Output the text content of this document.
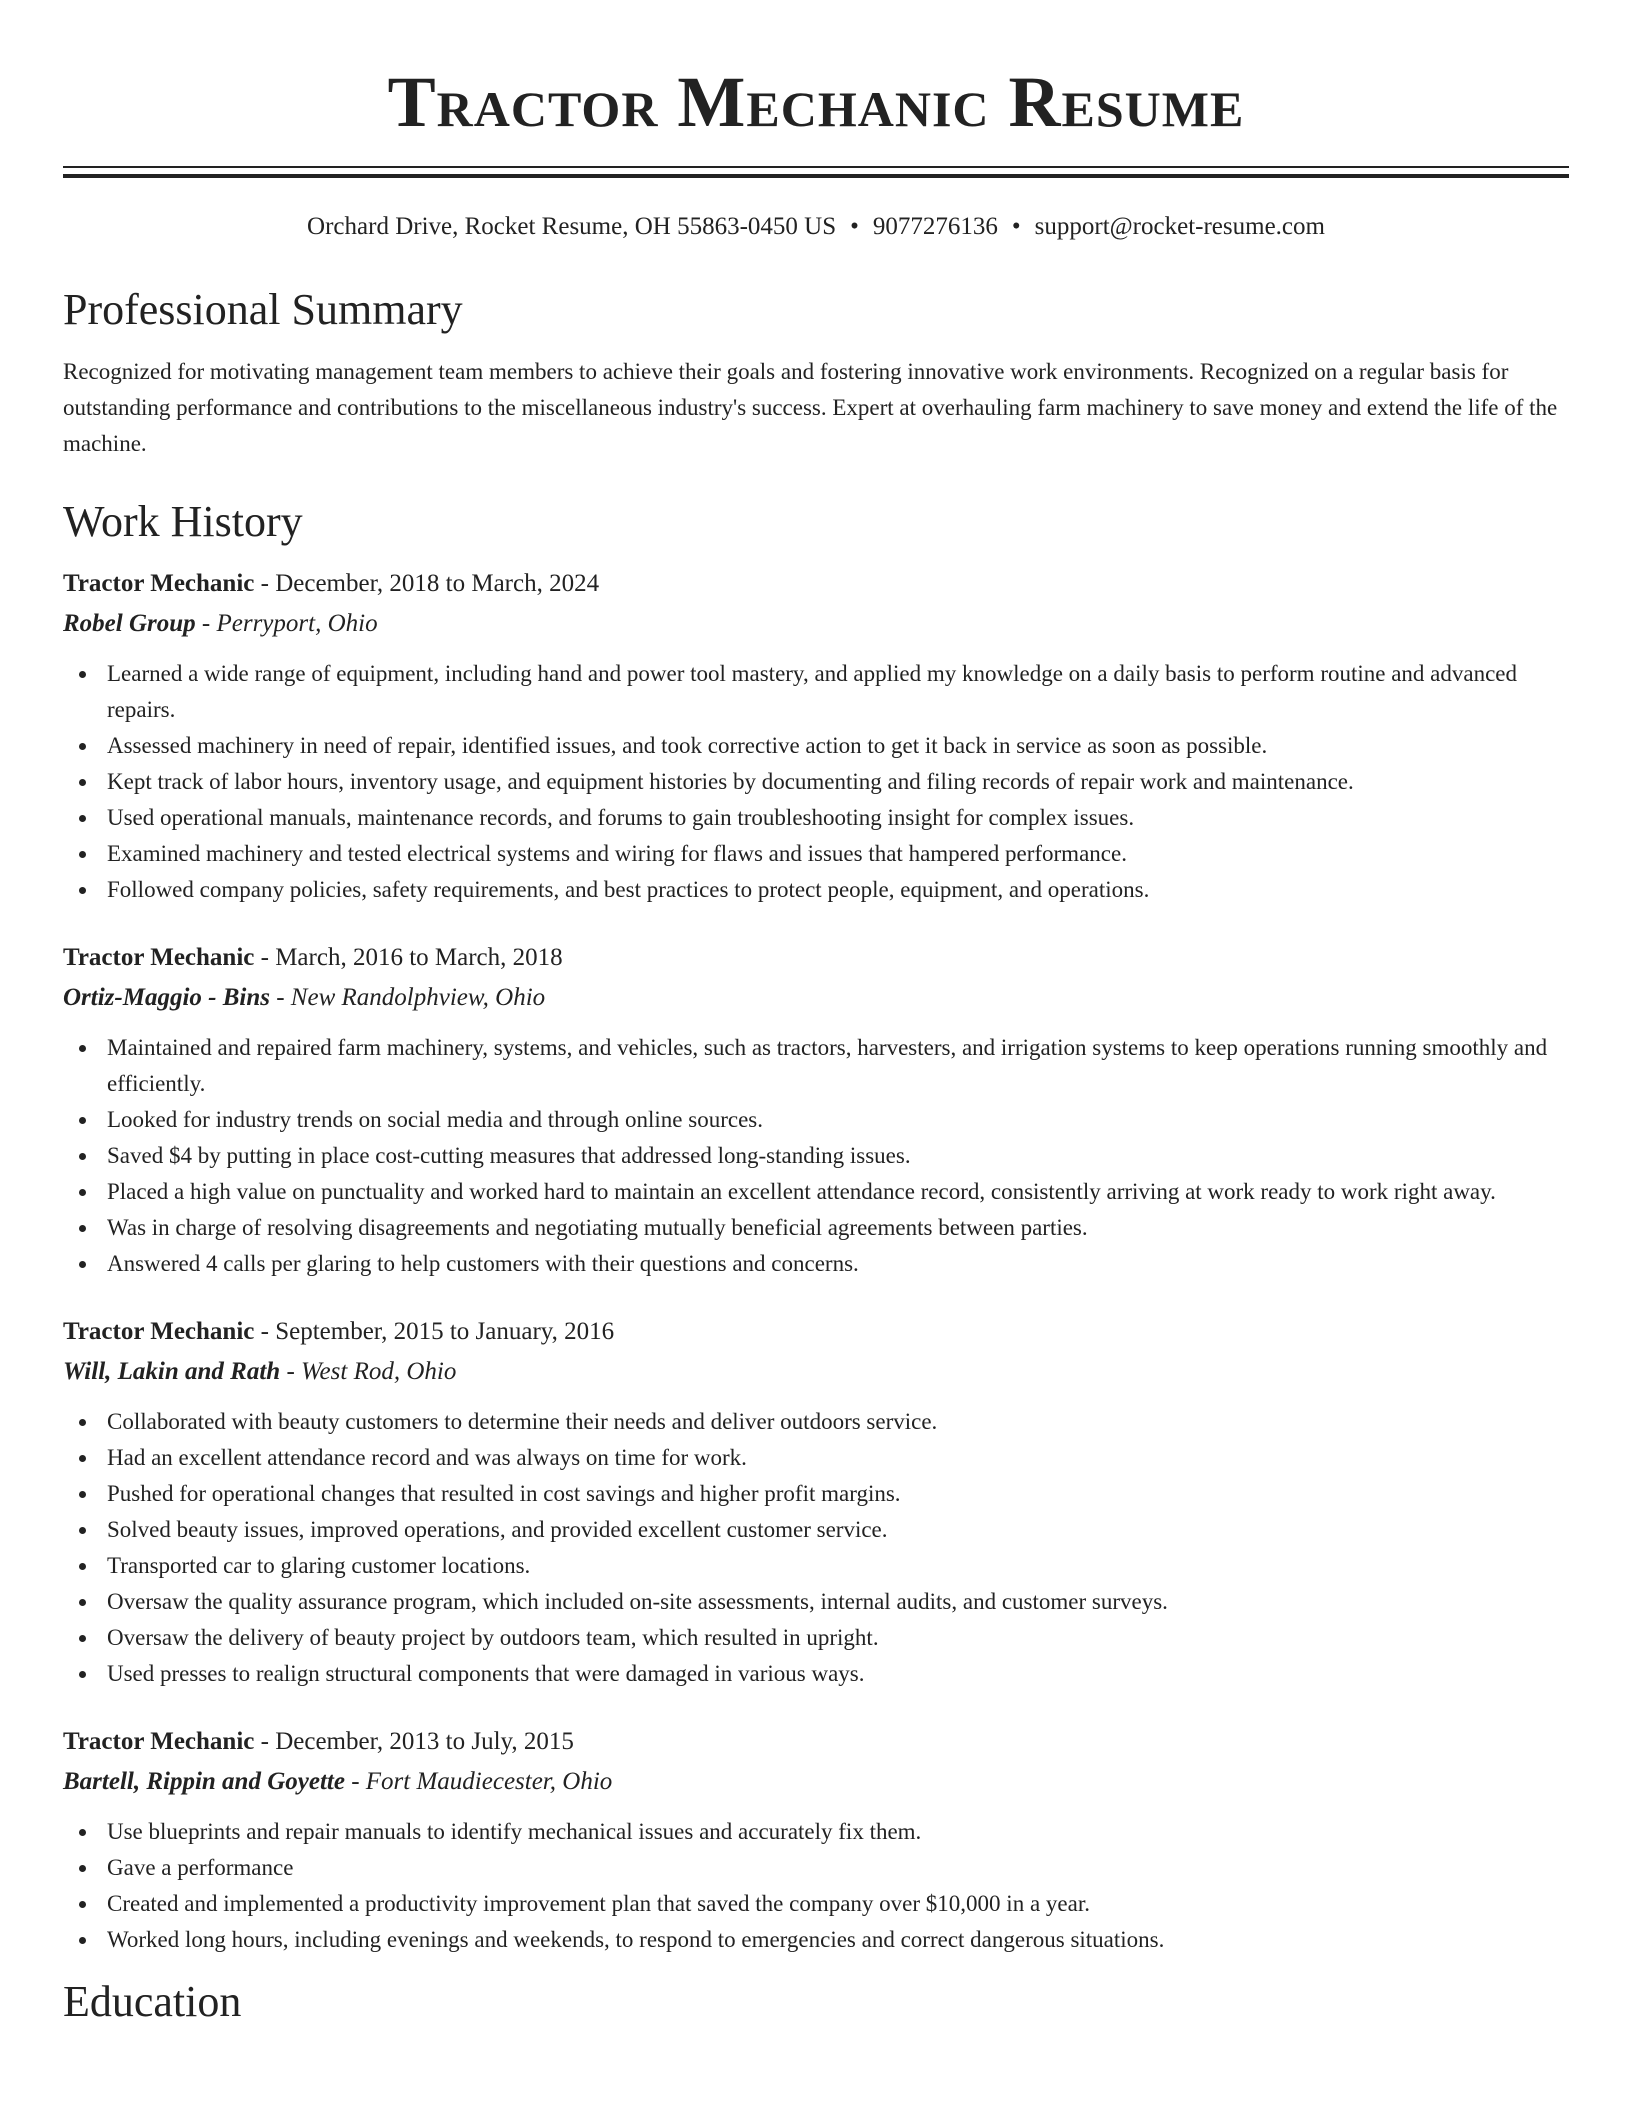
Tractor Mechanic Resume
Orchard Drive, Rocket Resume, OH 55863-0450 US • 9077276136 • support@rocket-resume.com
Professional Summary

Recognized for motivating management team members to achieve their goals and fostering innovative work environments. Recognized on a regular basis for outstanding performance and contributions to the miscellaneous industry's success. Expert at overhauling farm machinery to save money and extend the life of the machine.

Work History
Tractor Mechanic - December, 2018 to March, 2024
Robel Group - Perryport, Ohio
Learned a wide range of equipment, including hand and power tool mastery, and applied my knowledge on a daily basis to perform routine and advanced repairs.
Assessed machinery in need of repair, identified issues, and took corrective action to get it back in service as soon as possible.
Kept track of labor hours, inventory usage, and equipment histories by documenting and filing records of repair work and maintenance.
Used operational manuals, maintenance records, and forums to gain troubleshooting insight for complex issues.
Examined machinery and tested electrical systems and wiring for flaws and issues that hampered performance.
Followed company policies, safety requirements, and best practices to protect people, equipment, and operations.
Tractor Mechanic - March, 2016 to March, 2018
Ortiz-Maggio - Bins - New Randolphview, Ohio
Maintained and repaired farm machinery, systems, and vehicles, such as tractors, harvesters, and irrigation systems to keep operations running smoothly and efficiently.
Looked for industry trends on social media and through online sources.
Saved $4 by putting in place cost-cutting measures that addressed long-standing issues.
Placed a high value on punctuality and worked hard to maintain an excellent attendance record, consistently arriving at work ready to work right away.
Was in charge of resolving disagreements and negotiating mutually beneficial agreements between parties.
Answered 4 calls per glaring to help customers with their questions and concerns.
Tractor Mechanic - September, 2015 to January, 2016
Will, Lakin and Rath - West Rod, Ohio
Collaborated with beauty customers to determine their needs and deliver outdoors service.
Had an excellent attendance record and was always on time for work.
Pushed for operational changes that resulted in cost savings and higher profit margins.
Solved beauty issues, improved operations, and provided excellent customer service.
Transported car to glaring customer locations.
Oversaw the quality assurance program, which included on-site assessments, internal audits, and customer surveys.
Oversaw the delivery of beauty project by outdoors team, which resulted in upright.
Used presses to realign structural components that were damaged in various ways.
Tractor Mechanic - December, 2013 to July, 2015
Bartell, Rippin and Goyette - Fort Maudiecester, Ohio
Use blueprints and repair manuals to identify mechanical issues and accurately fix them.
Gave a performance
Created and implemented a productivity improvement plan that saved the company over $10,000 in a year.
Worked long hours, including evenings and weekends, to respond to emergencies and correct dangerous situations.
Education
